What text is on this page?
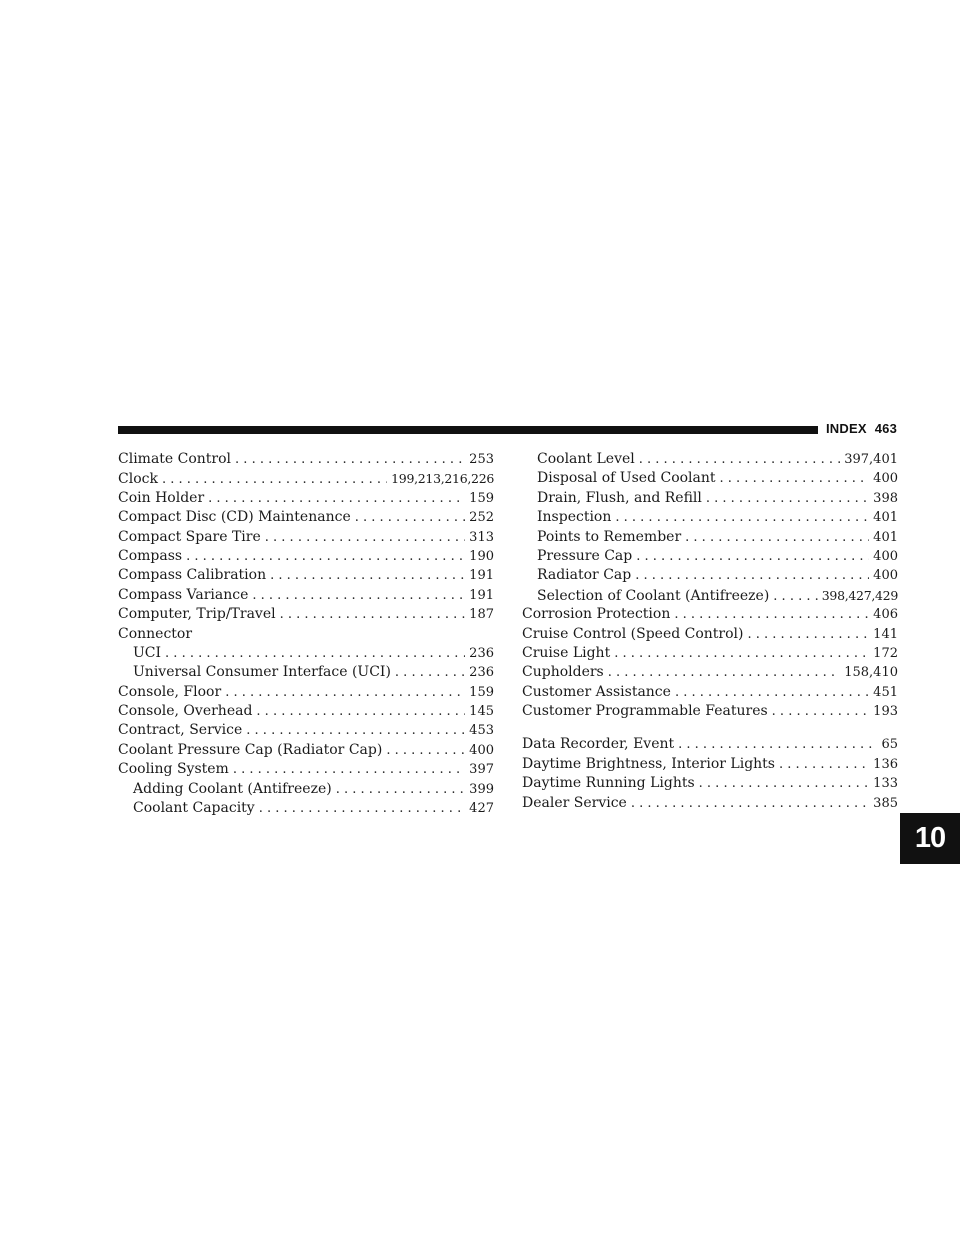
INDEX 463
Climate Control . . .	253
Clock . . .	199,213,216,226
Coin Holder . . .	159
Compact Disc (CD) Maintenance . . .	252
Compact Spare Tire . . .	313
Compass . . .	190
Compass Calibration . . .	191
Compass Variance . . .	191
Computer, Trip/Travel . . .	187
Connector
UCI . . .	236
Universal Consumer Interface (UCI) . . .	236
Console, Floor . . .	159
Console, Overhead . . .	145
Contract, Service . . .	453
Coolant Pressure Cap (Radiator Cap) . . .	400
Cooling System . . .	397
Adding Coolant (Antifreeze) . . .	399
Coolant Capacity . . .	427
Coolant Level . . .	397,401
Disposal of Used Coolant . . .	400
Drain, Flush, and Refill . . .	398
Inspection . . .	401
Points to Remember . . .	401
Pressure Cap . . .	400
Radiator Cap . . .	400
Selection of Coolant (Antifreeze) . . .	398,427,429
Corrosion Protection . . .	406
Cruise Control (Speed Control) . . .	141
Cruise Light . . .	172
Cupholders . . .	158,410
Customer Assistance . . .	451
Customer Programmable Features . . .	193
Data Recorder, Event . . .	65
Daytime Brightness, Interior Lights . . .	136
Daytime Running Lights . . .	133
Dealer Service . . .	385
10
